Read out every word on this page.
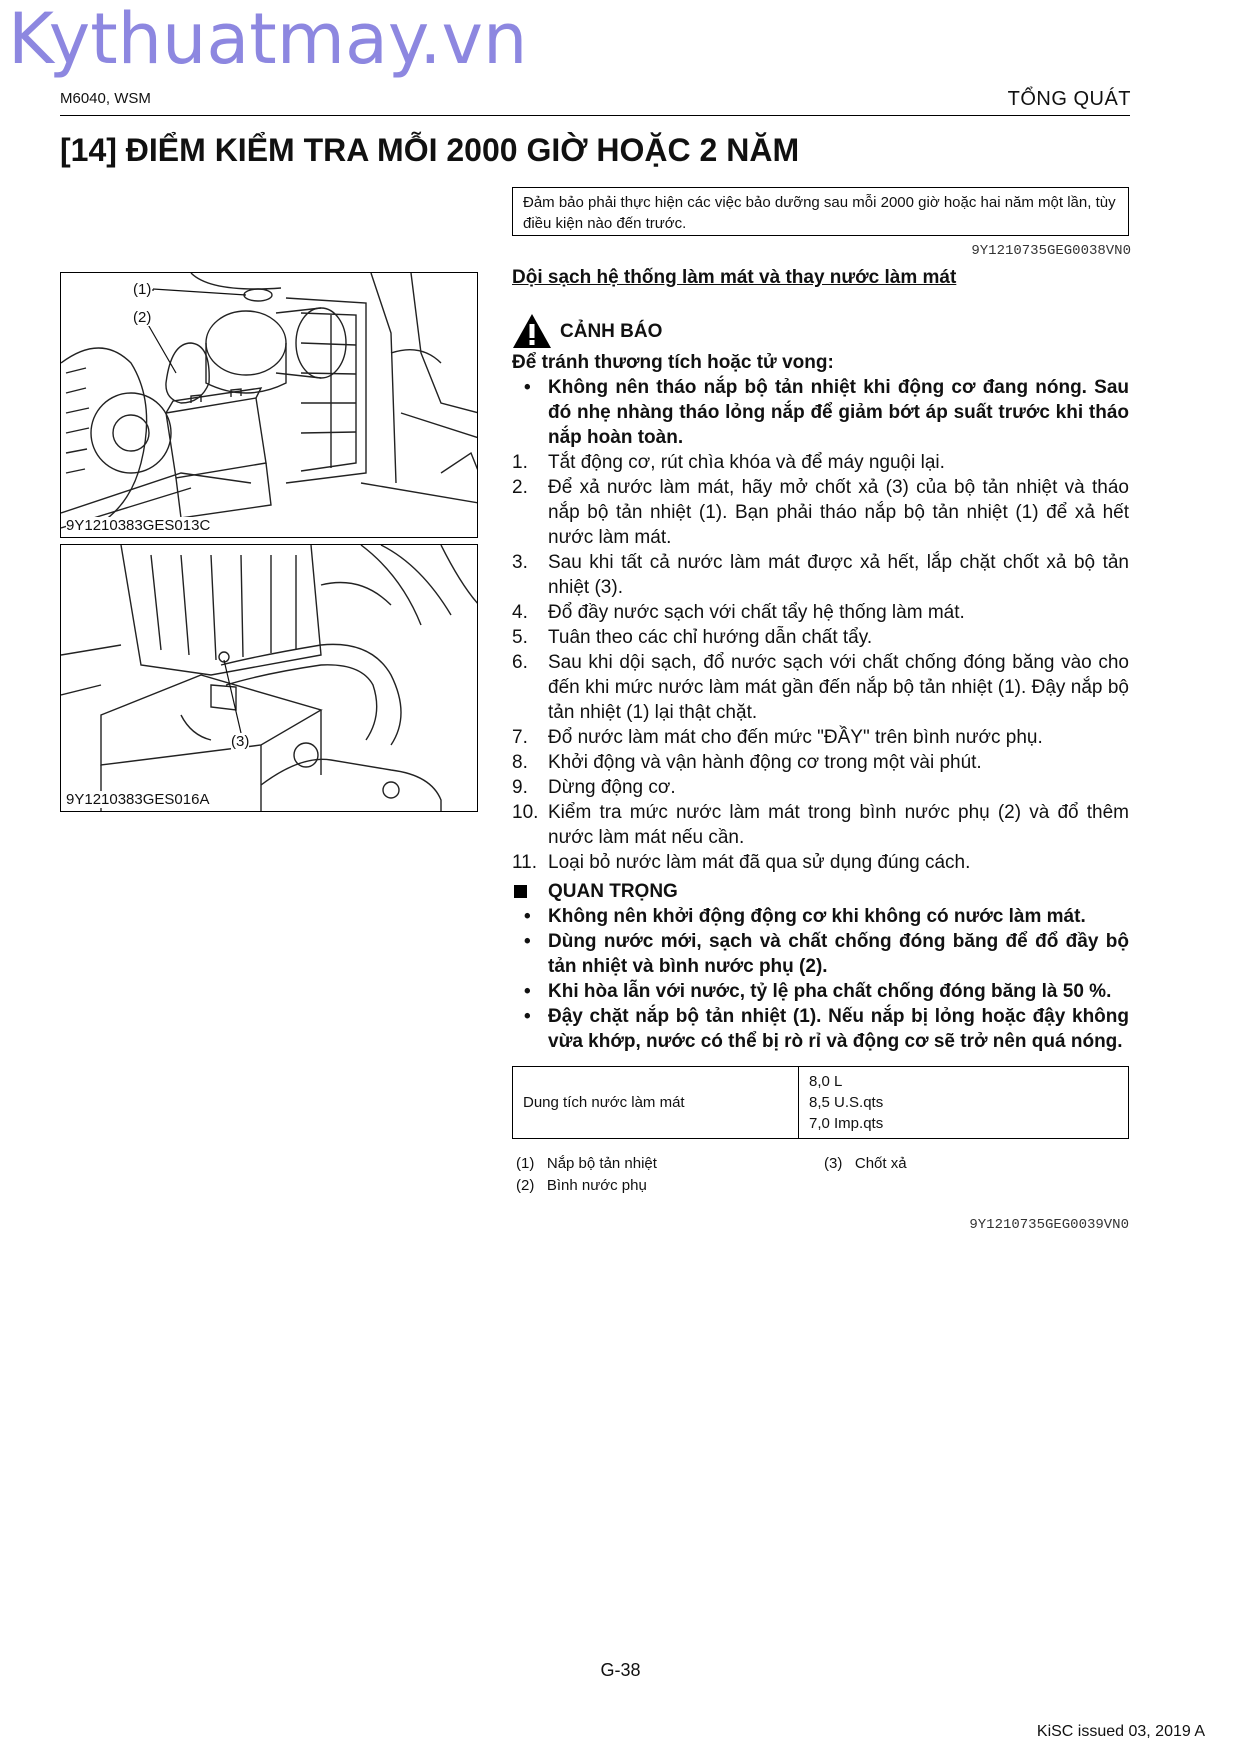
Kythuatmay.vn
M6040, WSM	TỔNG QUÁT
[14] ĐIỂM KIỂM TRA MỖI 2000 GIỜ HOẶC 2 NĂM
Đảm bảo phải thực hiện các việc bảo dưỡng sau mỗi 2000 giờ hoặc hai năm một lần, tùy điều kiện nào đến trước.
9Y1210735GEG0038VN0
(1)
(2)
9Y1210383GES013C
(3)
9Y1210383GES016A
Dội sạch hệ thống làm mát và thay nước làm mát
CẢNH BÁO
Để tránh thương tích hoặc tử vong:
• Không nên tháo nắp bộ tản nhiệt khi động cơ đang nóng. Sau đó nhẹ nhàng tháo lỏng nắp để giảm bớt áp suất trước khi tháo nắp hoàn toàn.
1. Tắt động cơ, rút chìa khóa và để máy nguội lại.
2. Để xả nước làm mát, hãy mở chốt xả (3) của bộ tản nhiệt và tháo nắp bộ tản nhiệt (1). Bạn phải tháo nắp bộ tản nhiệt (1) để xả hết nước làm mát.
3. Sau khi tất cả nước làm mát được xả hết, lắp chặt chốt xả bộ tản nhiệt (3).
4. Đổ đầy nước sạch với chất tẩy hệ thống làm mát.
5. Tuân theo các chỉ hướng dẫn chất tẩy.
6. Sau khi dội sạch, đổ nước sạch với chất chống đóng băng vào cho đến khi mức nước làm mát gần đến nắp bộ tản nhiệt (1). Đậy nắp bộ tản nhiệt (1) lại thật chặt.
7. Đổ nước làm mát cho đến mức "ĐẦY" trên bình nước phụ.
8. Khởi động và vận hành động cơ trong một vài phút.
9. Dừng động cơ.
10. Kiểm tra mức nước làm mát trong bình nước phụ (2) và đổ thêm nước làm mát nếu cần.
11. Loại bỏ nước làm mát đã qua sử dụng đúng cách.
QUAN TRỌNG
• Không nên khởi động động cơ khi không có nước làm mát.
• Dùng nước mới, sạch và chất chống đóng băng để đổ đầy bộ tản nhiệt và bình nước phụ (2).
• Khi hòa lẫn với nước, tỷ lệ pha chất chống đóng băng là 50 %.
• Đậy chặt nắp bộ tản nhiệt (1). Nếu nắp bị lỏng hoặc đậy không vừa khớp, nước có thể bị rò rỉ và động cơ sẽ trở nên quá nóng.
Dung tích nước làm mát	
8,0 L
8,5 U.S.qts
7,0 Imp.qts
(1) Nắp bộ tản nhiệt
(2) Bình nước phụ
(3) Chốt xả
9Y1210735GEG0039VN0
G-38
KiSC issued 03, 2019 A
